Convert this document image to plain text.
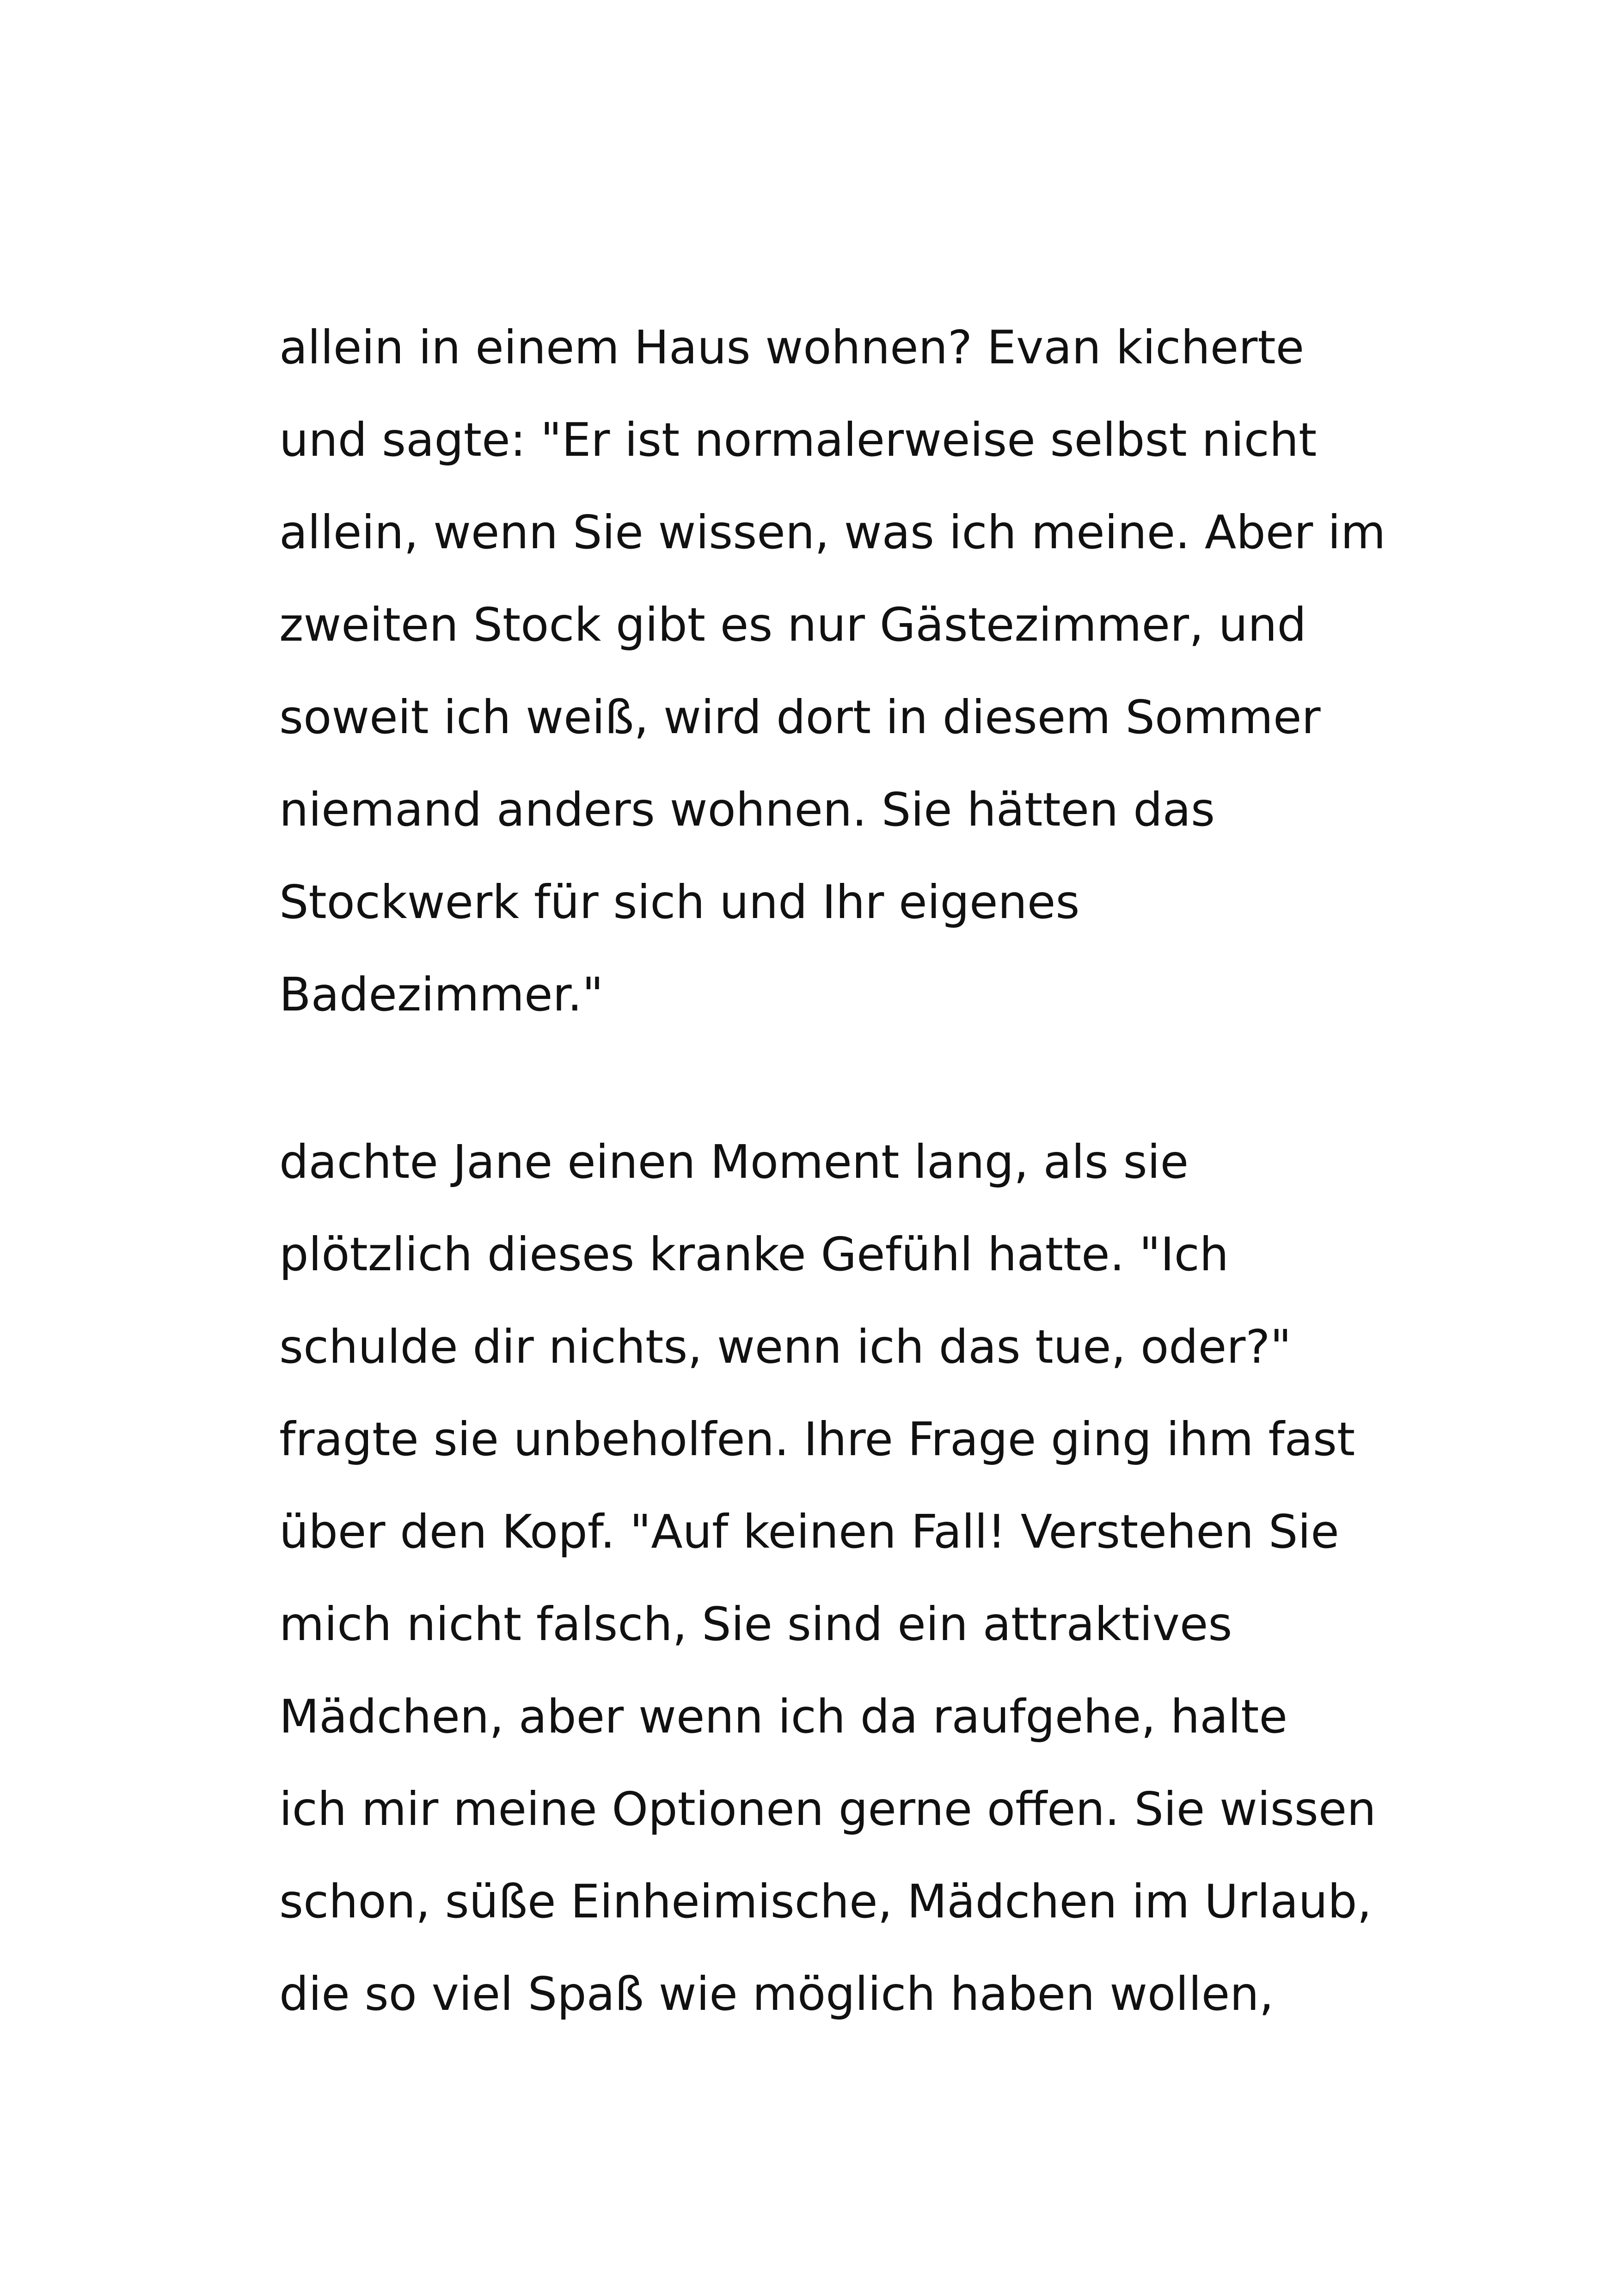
allein in einem Haus wohnen? Evan kicherte
und sagte: "Er ist normalerweise selbst nicht
allein, wenn Sie wissen, was ich meine. Aber im
zweiten Stock gibt es nur Gästezimmer, und
soweit ich weiß, wird dort in diesem Sommer
niemand anders wohnen. Sie hätten das
Stockwerk für sich und Ihr eigenes
Badezimmer."
dachte Jane einen Moment lang, als sie
plötzlich dieses kranke Gefühl hatte. "Ich
schulde dir nichts, wenn ich das tue, oder?"
fragte sie unbeholfen. Ihre Frage ging ihm fast
über den Kopf. "Auf keinen Fall! Verstehen Sie
mich nicht falsch, Sie sind ein attraktives
Mädchen, aber wenn ich da raufgehe, halte
ich mir meine Optionen gerne offen. Sie wissen
schon, süße Einheimische, Mädchen im Urlaub,
die so viel Spaß wie möglich haben wollen,
